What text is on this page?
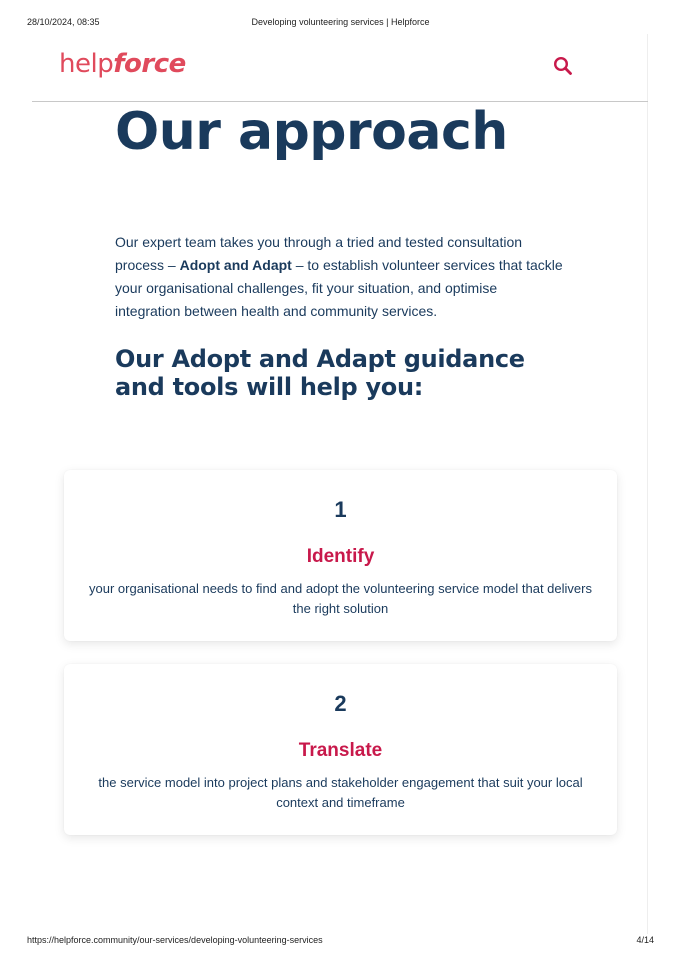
28/10/2024, 08:35	Developing volunteering services | Helpforce
helpforce
Our approach

Our expert team takes you through a tried and tested consultation process – Adopt and Adapt – to establish volunteer services that tackle your organisational challenges, fit your situation, and optimise integration between health and community services.

Our Adopt and Adapt guidance and tools will help you:
1
Identify
your organisational needs to find and adopt the volunteering service model that delivers the right solution
2
Translate
the service model into project plans and stakeholder engagement that suit your local context and timeframe
https://helpforce.community/our-services/developing-volunteering-services	4/14
